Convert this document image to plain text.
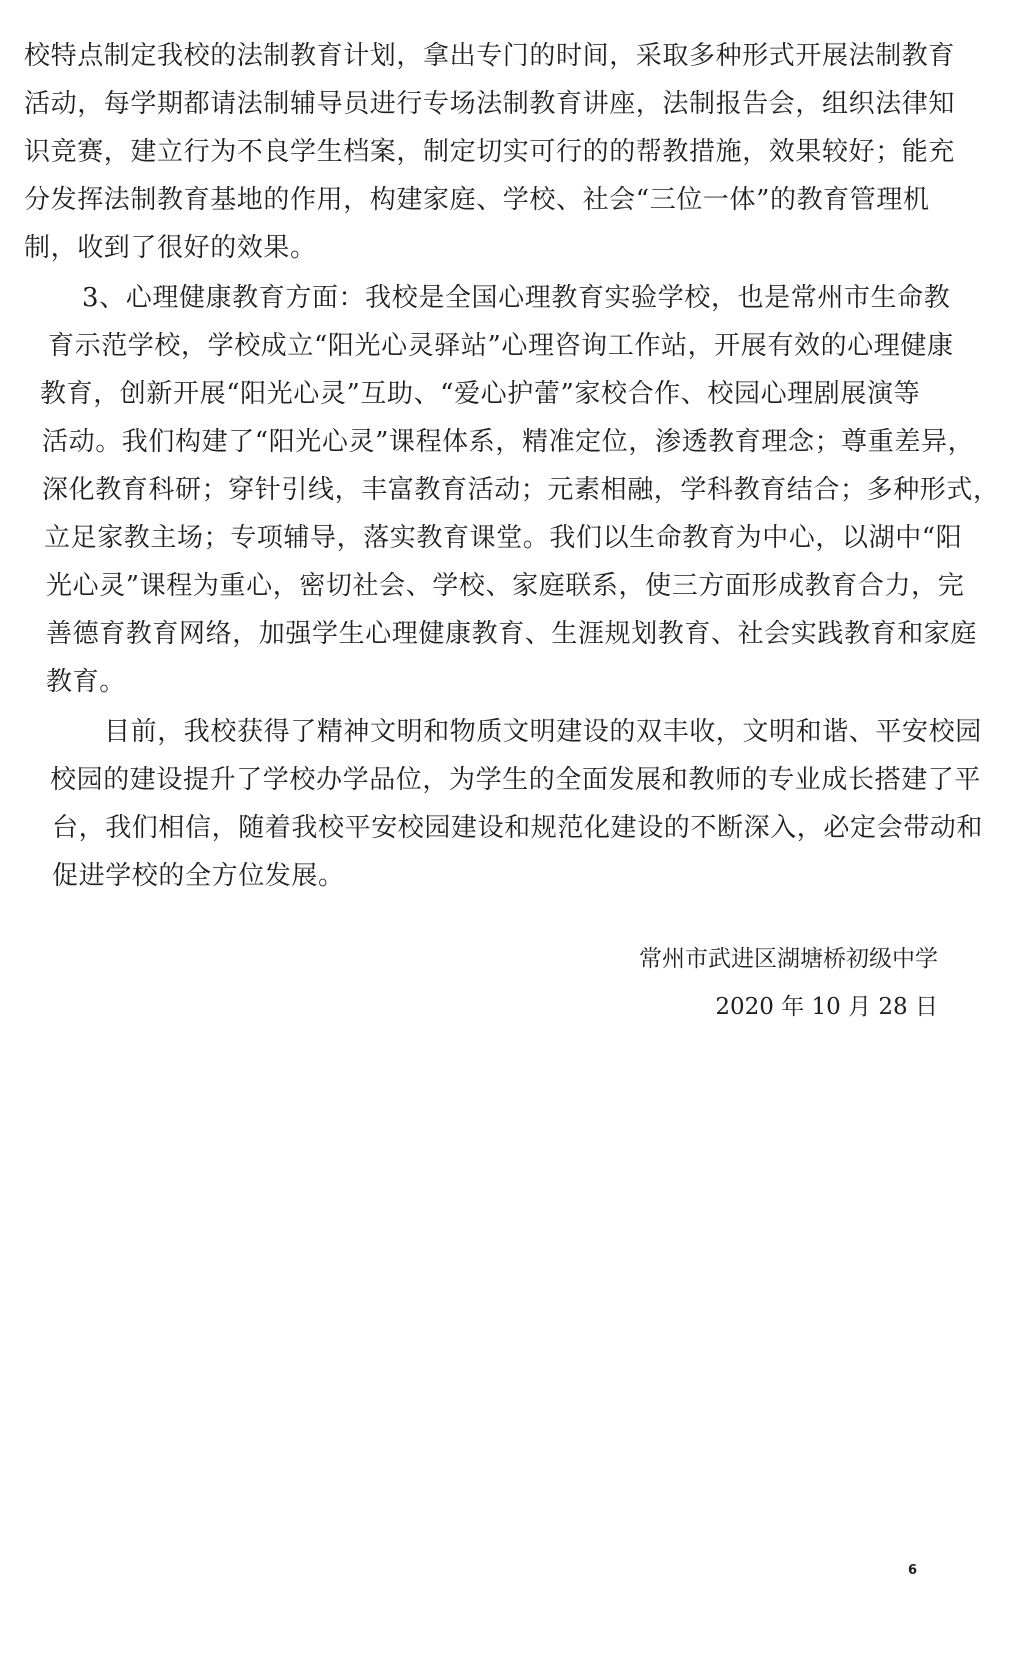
校特点制定我校的法制教育计划，拿出专门的时间，采取多种形式开展法制教育
活动，每学期都请法制辅导员进行专场法制教育讲座，法制报告会，组织法律知
识竞赛，建立行为不良学生档案，制定切实可行的的帮教措施，效果较好；能充
分发挥法制教育基地的作用，构建家庭、学校、社会“三位一体”的教育管理机
制，收到了很好的效果。
3、心理健康教育方面：我校是全国心理教育实验学校，也是常州市生命教
育示范学校，学校成立“阳光心灵驿站”心理咨询工作站，开展有效的心理健康
教育，创新开展“阳光心灵”互助、“爱心护蕾”家校合作、校园心理剧展演等
活动。我们构建了“阳光心灵”课程体系，精准定位，渗透教育理念；尊重差异，
深化教育科研；穿针引线，丰富教育活动；元素相融，学科教育结合；多种形式，
立足家教主场；专项辅导，落实教育课堂。我们以生命教育为中心，以湖中“阳
光心灵”课程为重心，密切社会、学校、家庭联系，使三方面形成教育合力，完
善德育教育网络，加强学生心理健康教育、生涯规划教育、社会实践教育和家庭
教育。
目前，我校获得了精神文明和物质文明建设的双丰收，文明和谐、平安校园
校园的建设提升了学校办学品位，为学生的全面发展和教师的专业成长搭建了平
台，我们相信，随着我校平安校园建设和规范化建设的不断深入，必定会带动和
促进学校的全方位发展。
常州市武进区湖塘桥初级中学
2020 年 10 月 28 日
6
